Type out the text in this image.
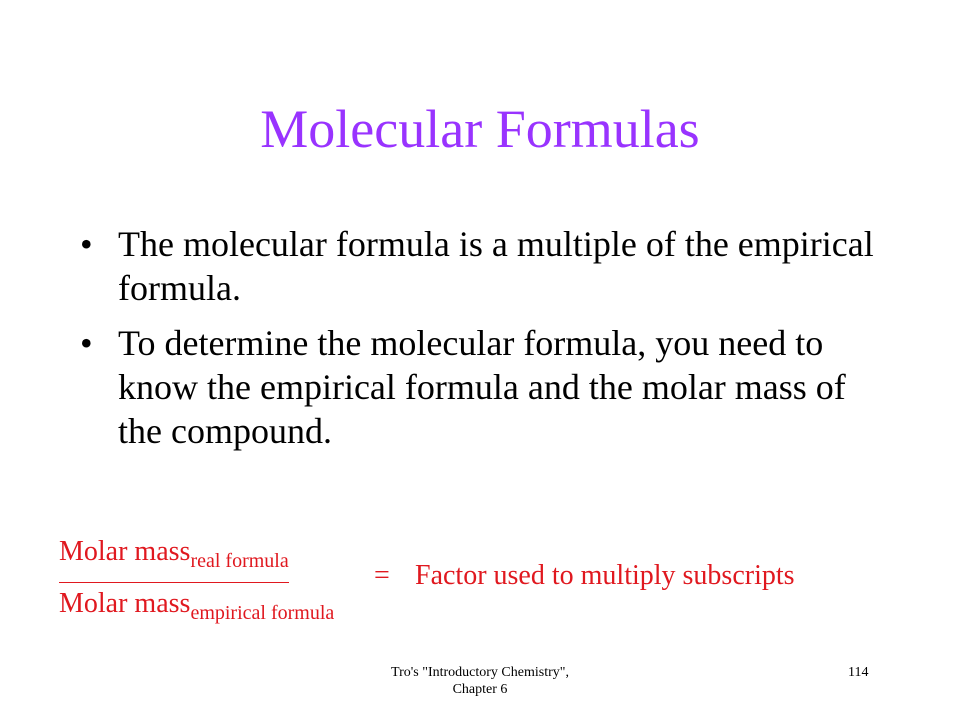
Molecular Formulas
• The molecular formula is a multiple of the empirical formula.
• To determine the molecular formula, you need to know the empirical formula and the molar mass of the compound.
Molar mass$_{real formula}$
Molar mass$_{empirical formula}$
= Factor used to multiply subscripts
Tro's "Introductory Chemistry",
Chapter 6
114
